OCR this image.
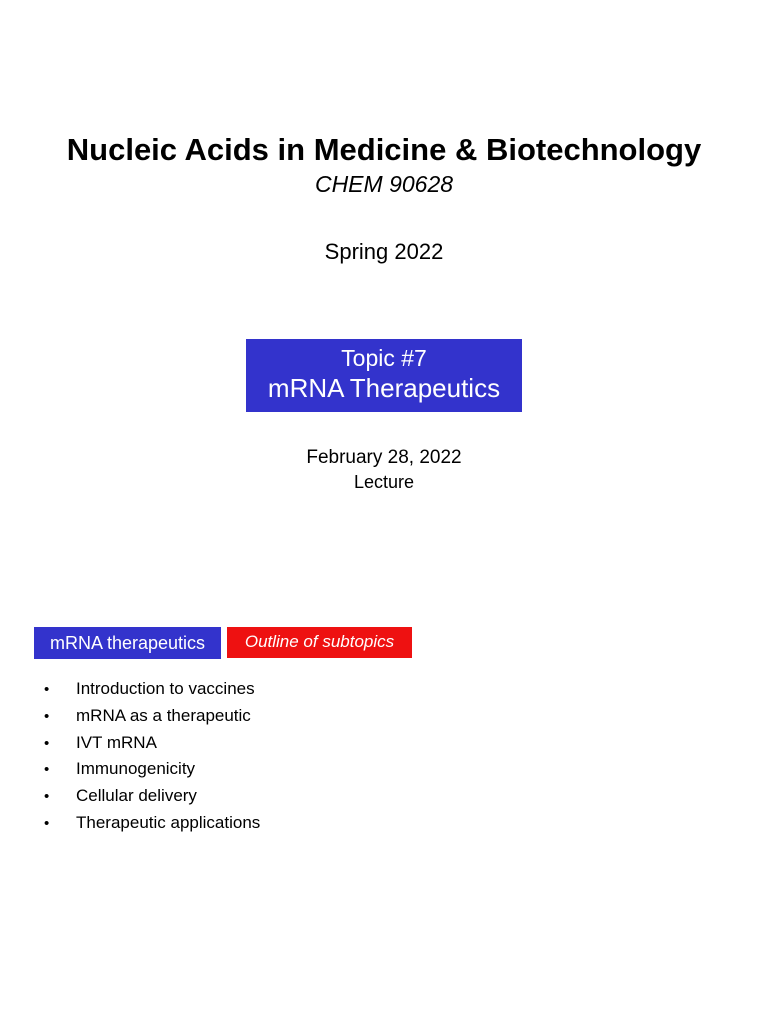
Nucleic Acids in Medicine & Biotechnology
CHEM 90628
Spring 2022
Topic #7
mRNA Therapeutics
February 28, 2022
Lecture
mRNA therapeutics	Outline of subtopics
• Introduction to vaccines
• mRNA as a therapeutic
• IVT mRNA
• Immunogenicity
• Cellular delivery
• Therapeutic applications
